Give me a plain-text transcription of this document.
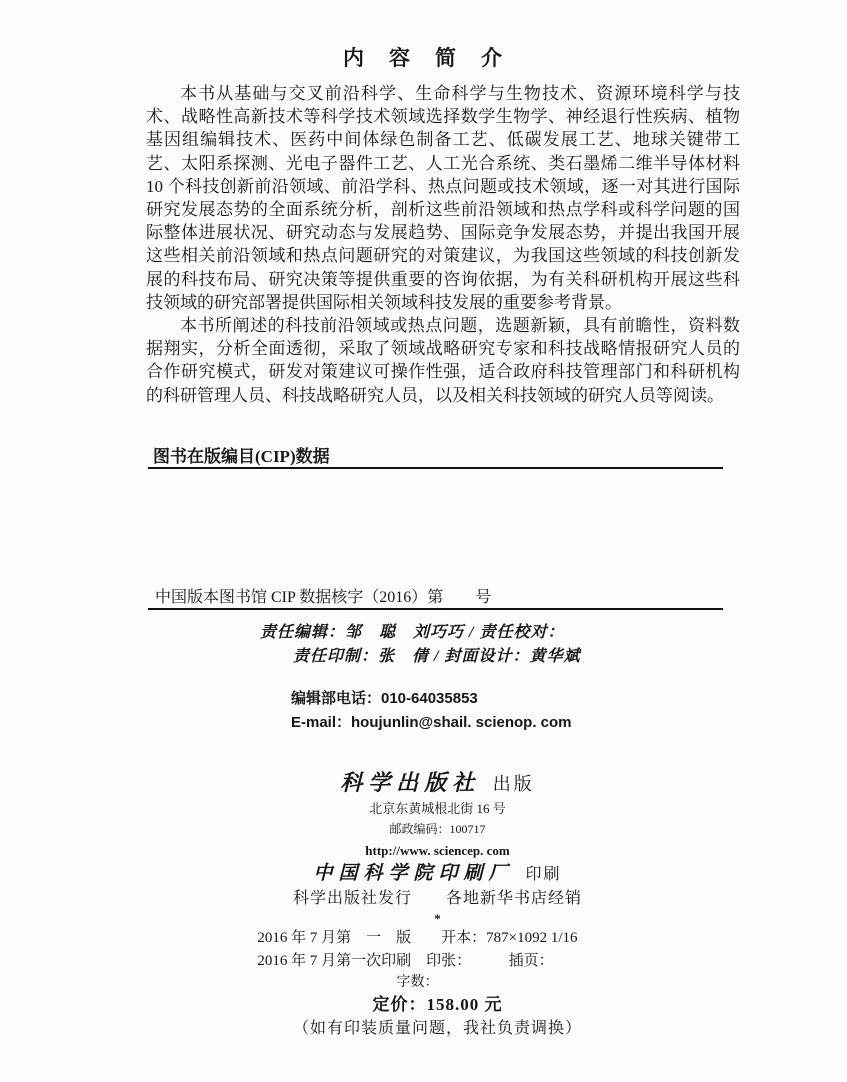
内　容　简　介

本书从基础与交叉前沿科学、生命科学与生物技术、资源环境科学与技术、战略性高新技术等科学技术领域选择数学生物学、神经退行性疾病、植物基因组编辑技术、医药中间体绿色制备工艺、低碳发展工艺、地球关键带工艺、太阳系探测、光电子器件工艺、人工光合系统、类石墨烯二维半导体材料 10 个科技创新前沿领域、前沿学科、热点问题或技术领域，逐一对其进行国际研究发展态势的全面系统分析，剖析这些前沿领域和热点学科或科学问题的国际整体进展状况、研究动态与发展趋势、国际竞争发展态势，并提出我国开展这些相关前沿领域和热点问题研究的对策建议，为我国这些领域的科技创新发展的科技布局、研究决策等提供重要的咨询依据，为有关科研机构开展这些科技领域的研究部署提供国际相关领域科技发展的重要参考背景。

本书所阐述的科技前沿领域或热点问题，选题新颖，具有前瞻性，资料数据翔实，分析全面透彻，采取了领域战略研究专家和科技战略情报研究人员的合作研究模式，研发对策建议可操作性强，适合政府科技管理部门和科研机构的科研管理人员、科技战略研究人员，以及相关科技领域的研究人员等阅读。

图书在版编目(CIP)数据
中国版本图书馆 CIP 数据核字（2016）第　　号
责任编辑：邹　聪　刘巧巧 / 责任校对：
责任印制：张　倩 / 封面设计：黄华斌
编辑部电话：010-64035853
E-mail：houjunlin@shail. scienop. com
科学出版社 出版
北京东黄城根北街 16 号
邮政编码：100717
http://www. sciencep. com
中国科学院印刷厂 印刷
科学出版社发行　　各地新华书店经销
*
2016 年 7 月第　一　版　　开本：787×1092 1/16
2016 年 7 月第一次印刷　印张：　　　插页：
字数：
定价：158.00 元
（如有印装质量问题，我社负责调换）
